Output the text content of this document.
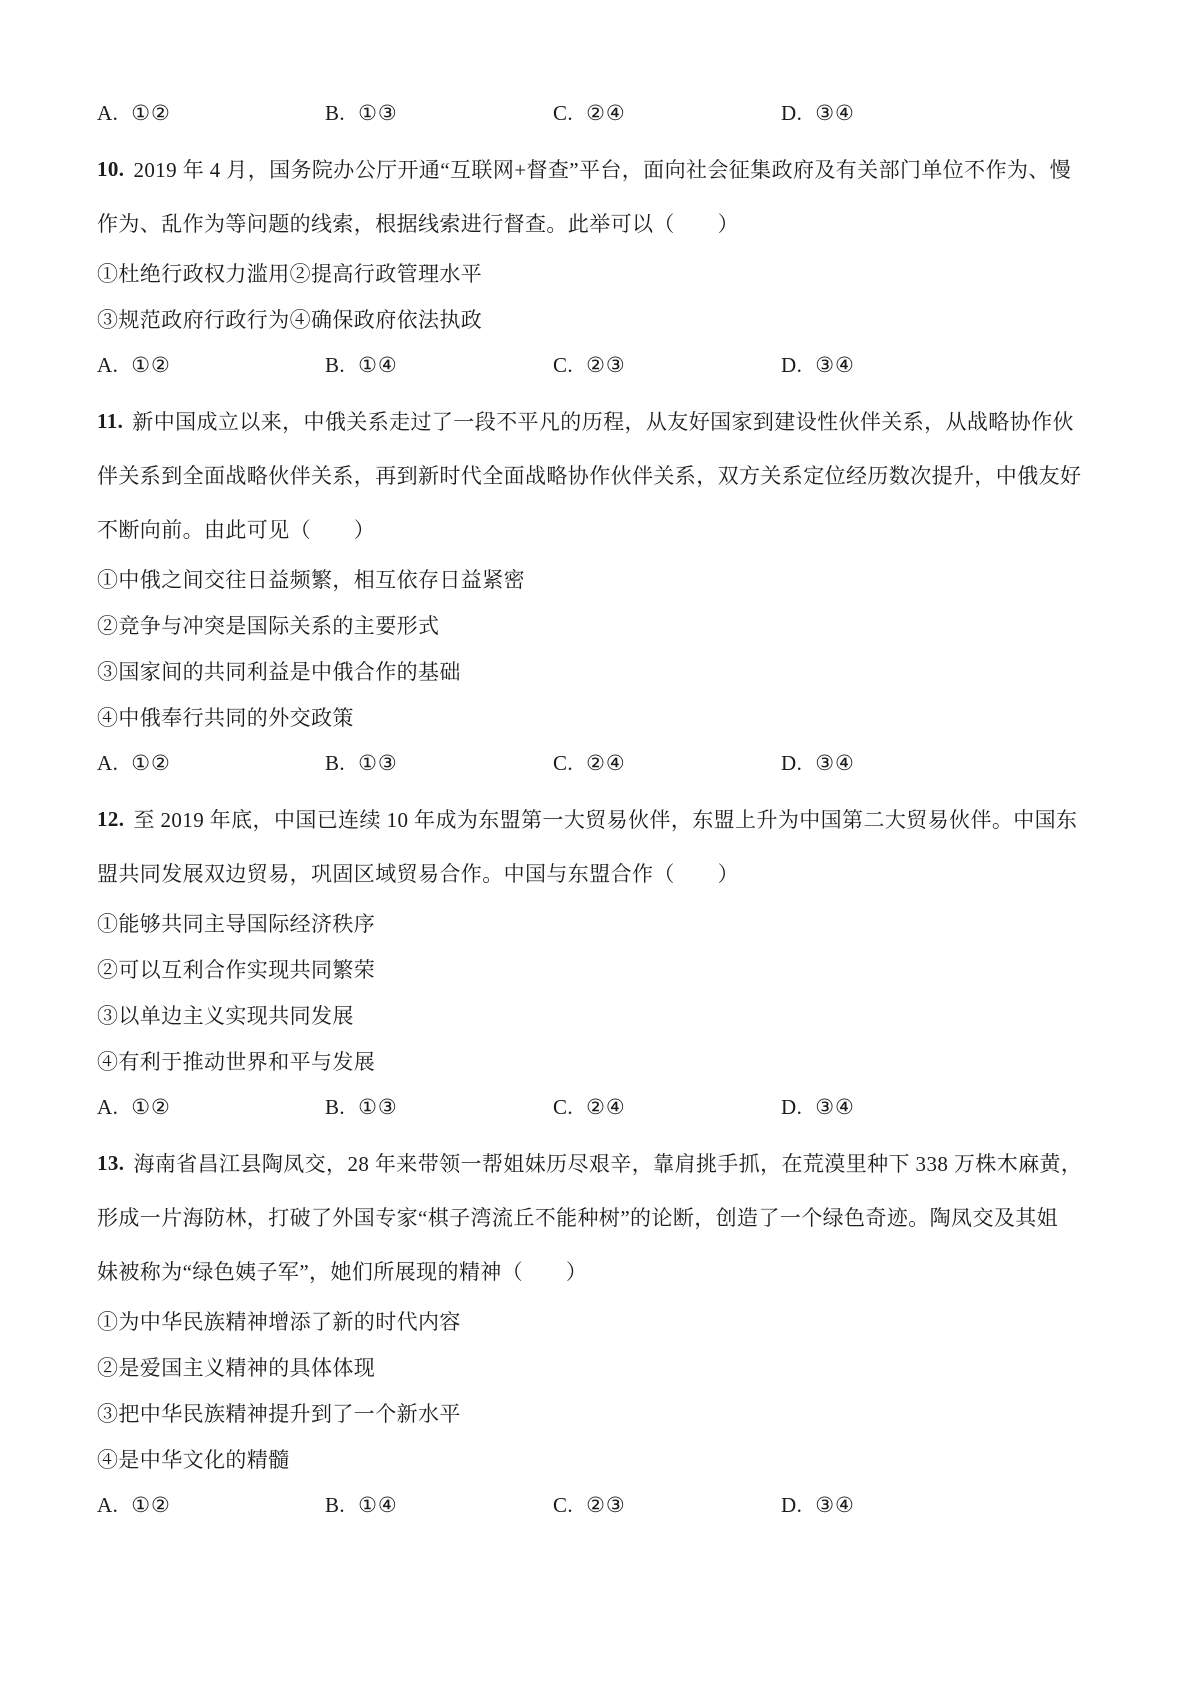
A. ①②	B. ①③	C. ②④	D. ③④
10. 2019 年 4 月，国务院办公厅开通“互联网+督查”平台，面向社会征集政府及有关部门单位不作为、慢
作为、乱作为等问题的线索，根据线索进行督查。此举可以（　　）
①杜绝行政权力滥用②提高行政管理水平
③规范政府行政行为④确保政府依法执政
A. ①②	B. ①④	C. ②③	D. ③④
11. 新中国成立以来，中俄关系走过了一段不平凡的历程，从友好国家到建设性伙伴关系，从战略协作伙
伴关系到全面战略伙伴关系，再到新时代全面战略协作伙伴关系，双方关系定位经历数次提升，中俄友好
不断向前。由此可见（　　）
①中俄之间交往日益频繁，相互依存日益紧密
②竞争与冲突是国际关系的主要形式
③国家间的共同利益是中俄合作的基础
④中俄奉行共同的外交政策
A. ①②	B. ①③	C. ②④	D. ③④
12. 至 2019 年底，中国已连续 10 年成为东盟第一大贸易伙伴，东盟上升为中国第二大贸易伙伴。中国东
盟共同发展双边贸易，巩固区域贸易合作。中国与东盟合作（　　）
①能够共同主导国际经济秩序
②可以互利合作实现共同繁荣
③以单边主义实现共同发展
④有利于推动世界和平与发展
A. ①②	B. ①③	C. ②④	D. ③④
13. 海南省昌江县陶凤交，28 年来带领一帮姐妹历尽艰辛，靠肩挑手抓，在荒漠里种下 338 万株木麻黄，
形成一片海防林，打破了外国专家“棋子湾流丘不能种树”的论断，创造了一个绿色奇迹。陶凤交及其姐
妹被称为“绿色姨子军”，她们所展现的精神（　　）
①为中华民族精神增添了新的时代内容
②是爱国主义精神的具体体现
③把中华民族精神提升到了一个新水平
④是中华文化的精髓
A. ①②	B. ①④	C. ②③	D. ③④
